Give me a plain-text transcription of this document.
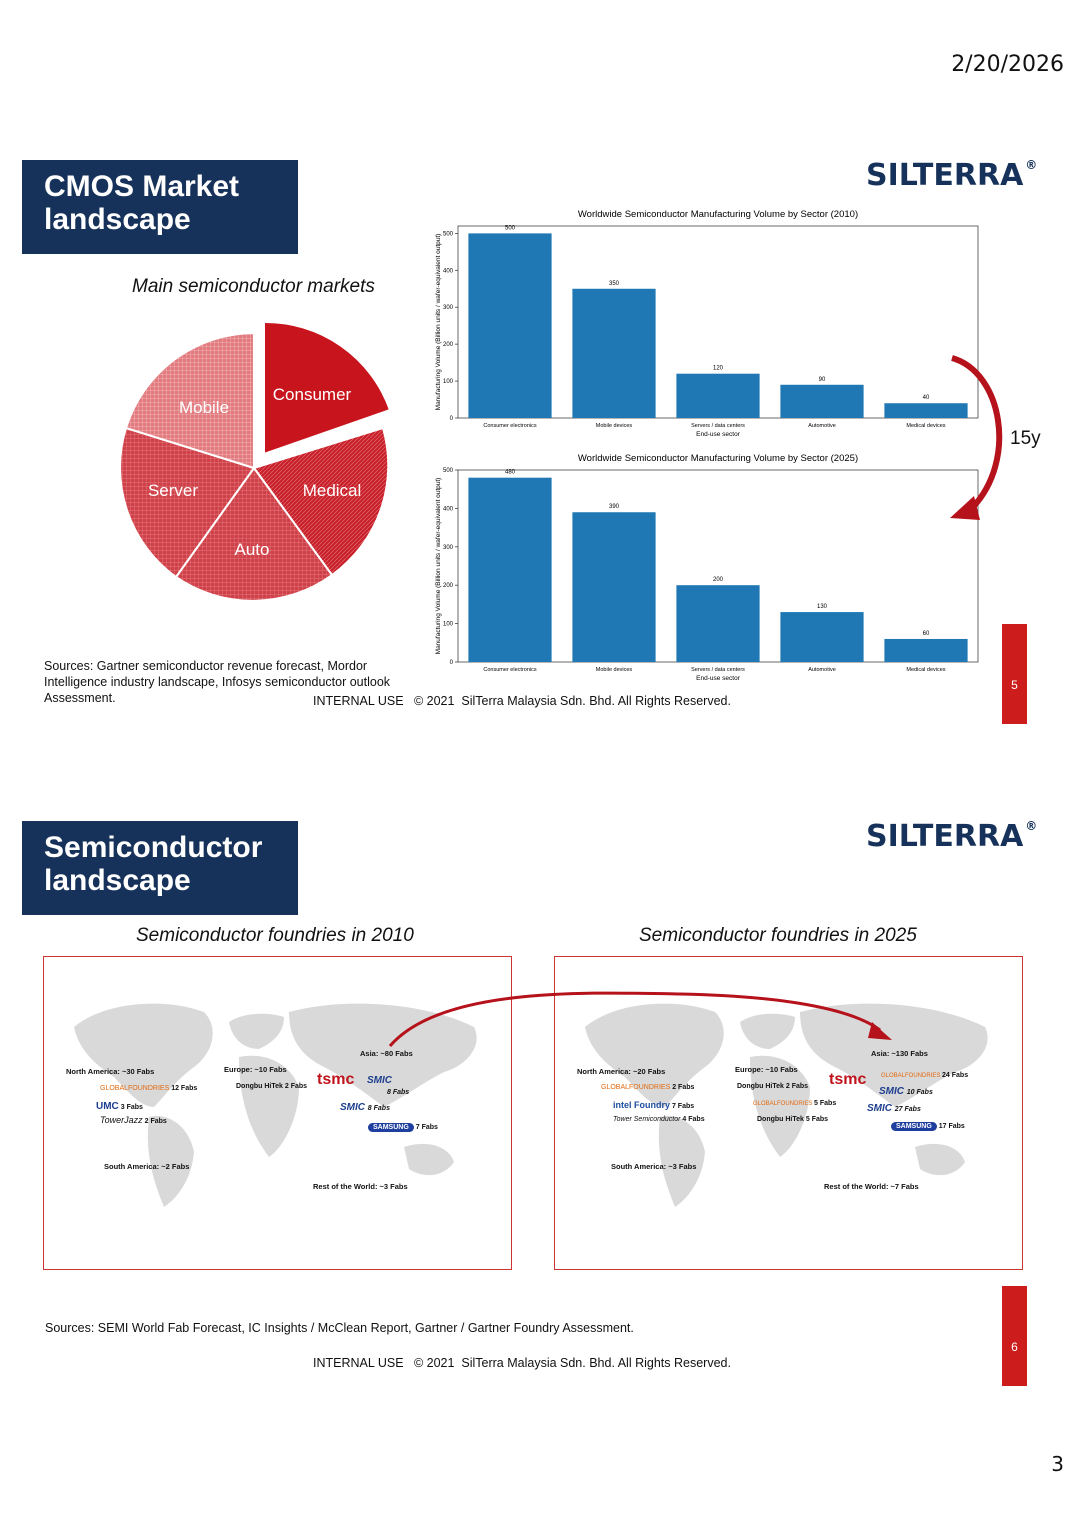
2/20/2026
CMOS Market landscape
SILTERRA ®
Main semiconductor markets
Consumer
Medical
Auto
Server
Mobile
Worldwide Semiconductor Manufacturing Volume by Sector (2010)
0
100
200
300
400
500
500
Consumer electronics
350
Mobile devices
120
Servers / data centers
90
Automotive
40
Medical devices
End-use sector
Manufacturing Volume (Billion units / wafer-equivalent output)
Worldwide Semiconductor Manufacturing Volume by Sector (2025)
0
100
200
300
400
500	480
Consumer electronics
390
Mobile devices
200
Servers / data centers
130
Automotive
60
Medical devices
End-use sector
Manufacturing Volume (Billion units / wafer-equivalent output)
15y
Sources: Gartner semiconductor revenue forecast, Mordor Intelligence industry landscape, Infosys semiconductor outlook Assessment.	INTERNAL USE   © 2021  SilTerra Malaysia Sdn. Bhd. All Rights Reserved.
5
Semiconductor landscape
SILTERRA ®
Semiconductor foundries in 2010	Semiconductor foundries in 2025
North America: ~30 Fabs	Europe: ~10 Fabs
Asia: ~80 Fabs
South America: ~2 Fabs
Rest of the World: ~3 Fabs
GLOBALFOUNDRIES 12 Fabs
UMC 3 Fabs
TowerJazz 2 Fabs
Dongbu HiTek 2 Fabs tsmc SMIC
8 Fabs
SMIC 8 Fabs
SAMSUNG 7 Fabs
North America: ~20 Fabs	Europe: ~10 Fabs
Asia: ~130 Fabs
South America: ~3 Fabs
Rest of the World: ~7 Fabs
GLOBALFOUNDRIES 2 Fabs
intel Foundry 7 Fabs
Tower Semiconductor 4 Fabs
Dongbu HiTek 2 Fabs
GLOBALFOUNDRIES 5 Fabs
Dongbu HiTek 5 Fabs
tsmc GLOBALFOUNDRIES 24 Fabs
SMIC 10 Fabs
SMIC 27 Fabs
SAMSUNG 17 Fabs
Sources: SEMI World Fab Forecast, IC Insights / McClean Report, Gartner / Gartner Foundry Assessment.
INTERNAL USE   © 2021  SilTerra Malaysia Sdn. Bhd. All Rights Reserved.
6
3
